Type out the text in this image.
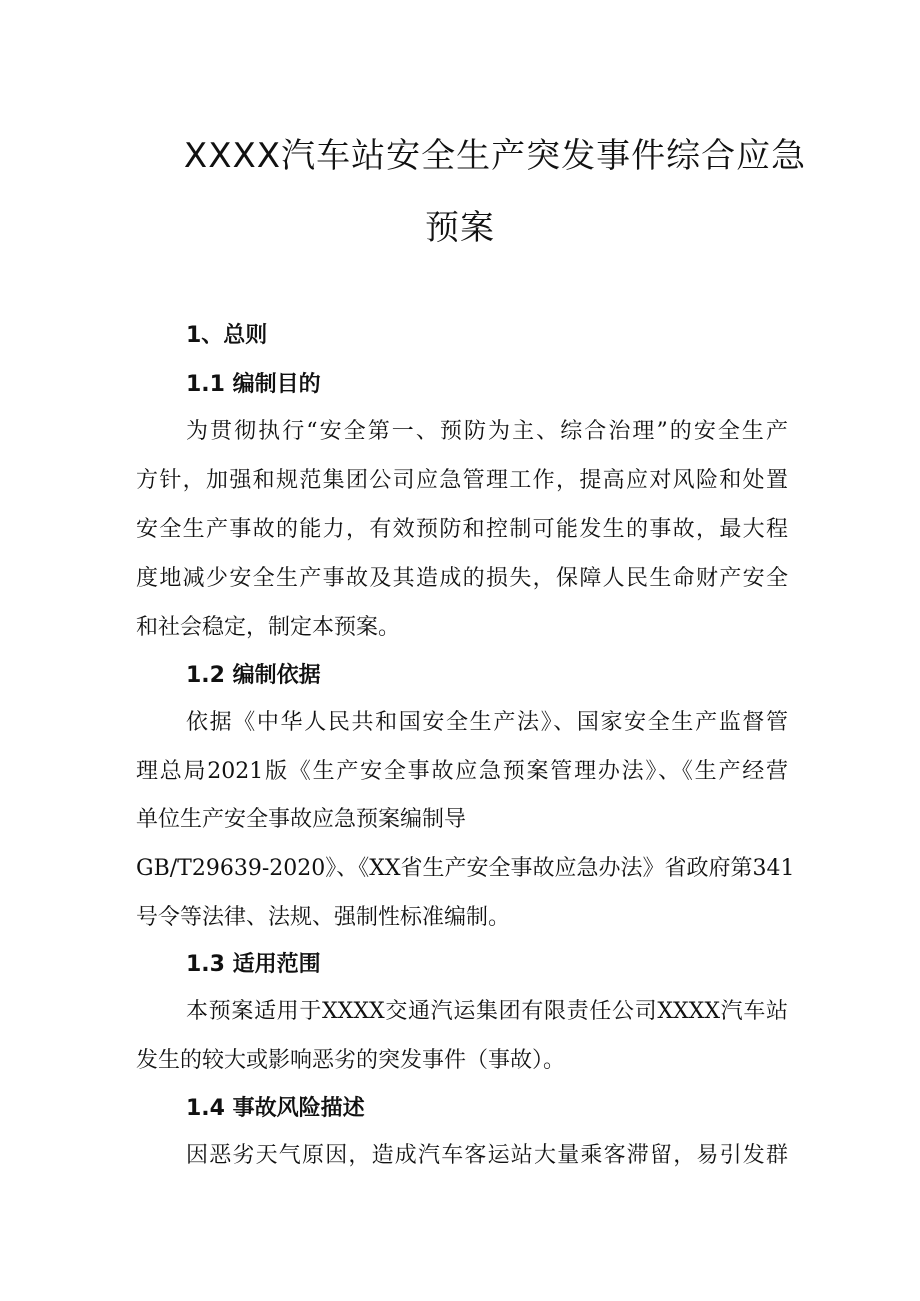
XXXX汽车站安全生产突发事件综合应急
预案
1、总则
1.1 编制目的
为贯彻执行“安全第一、预防为主、综合治理”的安全生产
方针，加强和规范集团公司应急管理工作，提高应对风险和处置
安全生产事故的能力，有效预防和控制可能发生的事故，最大程
度地减少安全生产事故及其造成的损失，保障人民生命财产安全
和社会稳定，制定本预案。
1.2 编制依据
依据《中华人民共和国安全生产法》、国家安全生产监督管
理总局2021版《生产安全事故应急预案管理办法》、《生产经营
单位生产安全事故应急预案编制导
GB/T29639-2020》、《XX省生产安全事故应急办法》省政府第341
号令等法律、法规、强制性标准编制。
1.3 适用范围
本预案适用于XXXX交通汽运集团有限责任公司XXXX汽车站
发生的较大或影响恶劣的突发事件（事故）。
1.4 事故风险描述
因恶劣天气原因，造成汽车客运站大量乘客滞留，易引发群
